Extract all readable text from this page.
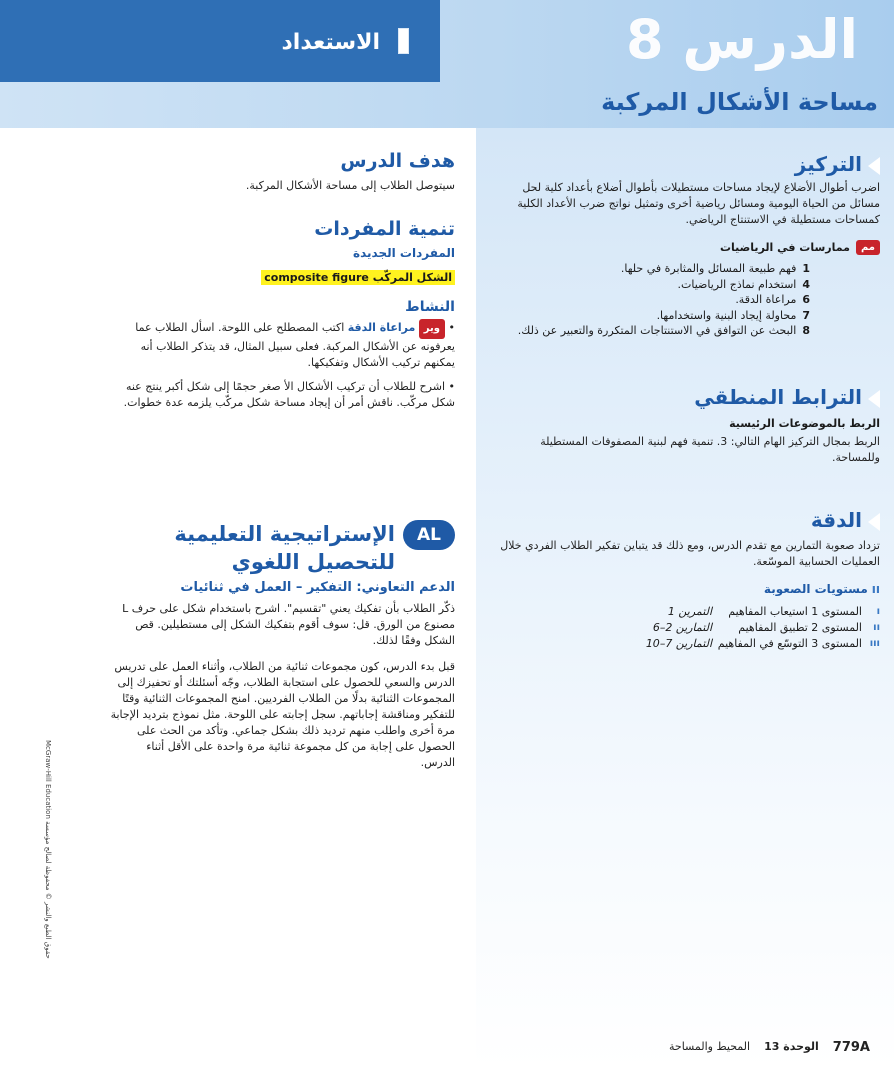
الاستعداد	الدرس 8
مساحة الأشكال المركبة
هدف الدرس
سيتوصل الطلاب إلى مساحة الأشكال المركبة.
تنمية المفردات
المفردات الجديدة
الشكل المركّب composite figure
النشاط
• وير مراعاة الدقة اكتب المصطلح على اللوحة. اسأل الطلاب عما يعرفونه عن الأشكال المركبة. فعلى سبيل المثال، قد يتذكر الطلاب أنه يمكنهم تركيب الأشكال وتفكيكها.
• اشرح للطلاب أن تركيب الأشكال الأ صغر حجمًا إلى شكل أكبر ينتج عنه شكل مركّب. ناقش أمر أن إيجاد مساحة شكل مركّب يلزمه عدة خطوات.
AL
الإستراتيجية التعليمية للتحصيل اللغوي
الدعم التعاوني: التفكير – العمل في ثنائيات
ذكّر الطلاب بأن تفكيك يعني "تقسيم". اشرح باستخدام شكل على حرف L مصنوع من الورق. قل: سوف أقوم بتفكيك الشكل إلى مستطيلين. قص الشكل وفقًا لذلك.
قبل بدء الدرس، كون مجموعات ثنائية من الطلاب، وأثناء العمل على تدريس الدرس والسعي للحصول على استجابة الطلاب، وجّه أسئلتك أو تحفيزك إلى المجموعات الثنائية بدلًا من الطلاب الفرديين. امنح المجموعات الثنائية وقتًا للتفكير ومناقشة إجاباتهم. سجل إجابته على اللوحة. مثل نموذج بترديد الإجابة مرة أخرى واطلب منهم ترديد ذلك بشكل جماعي. وتأكد من الحث على الحصول على إجابة من كل مجموعة ثنائية مرة واحدة على الأقل أثناء الدرس.
التركيز
اضرب أطوال الأضلاع لإيجاد مساحات مستطيلات بأطوال أضلاع بأعداد كلية لحل مسائل من الحياة اليومية ومسائل رياضية أخرى وتمثيل نواتج ضرب الأعداد الكلية كمساحات مستطيلة في الاستنتاج الرياضي.
مم
ممارسات في الرياضيات
1فهم طبيعة المسائل والمثابرة في حلها.
4استخدام نماذج الرياضيات.
6مراعاة الدقة.
7محاولة إيجاد البنية واستخدامها.
8البحث عن التوافق في الاستنتاجات المتكررة والتعبير عن ذلك.
الترابط المنطقي
الربط بالموضوعات الرئيسية
الربط بمجال التركيز الهام التالي: 3. تنمية فهم لبنية المصفوفات المستطيلة وللمساحة.
الدقة
تزداد صعوبة التمارين مع تقدم الدرس، ومع ذلك قد يتباين تفكير الطلاب الفردي خلال العمليات الحسابية الموسّعة.
ııمستويات الصعوبة
ı
المستوى 1 استيعاب المفاهيم
التمرين 1
ıı
المستوى 2 تطبيق المفاهيم
التمارين 2–6
ııı
المستوى 3 التوسّع في المفاهيم
التمارين 7–10
حقوق الطبع والنشر © محفوظة لصالح مؤسسة McGraw-Hill Education
779A
الوحدة 13
المحيط والمساحة
